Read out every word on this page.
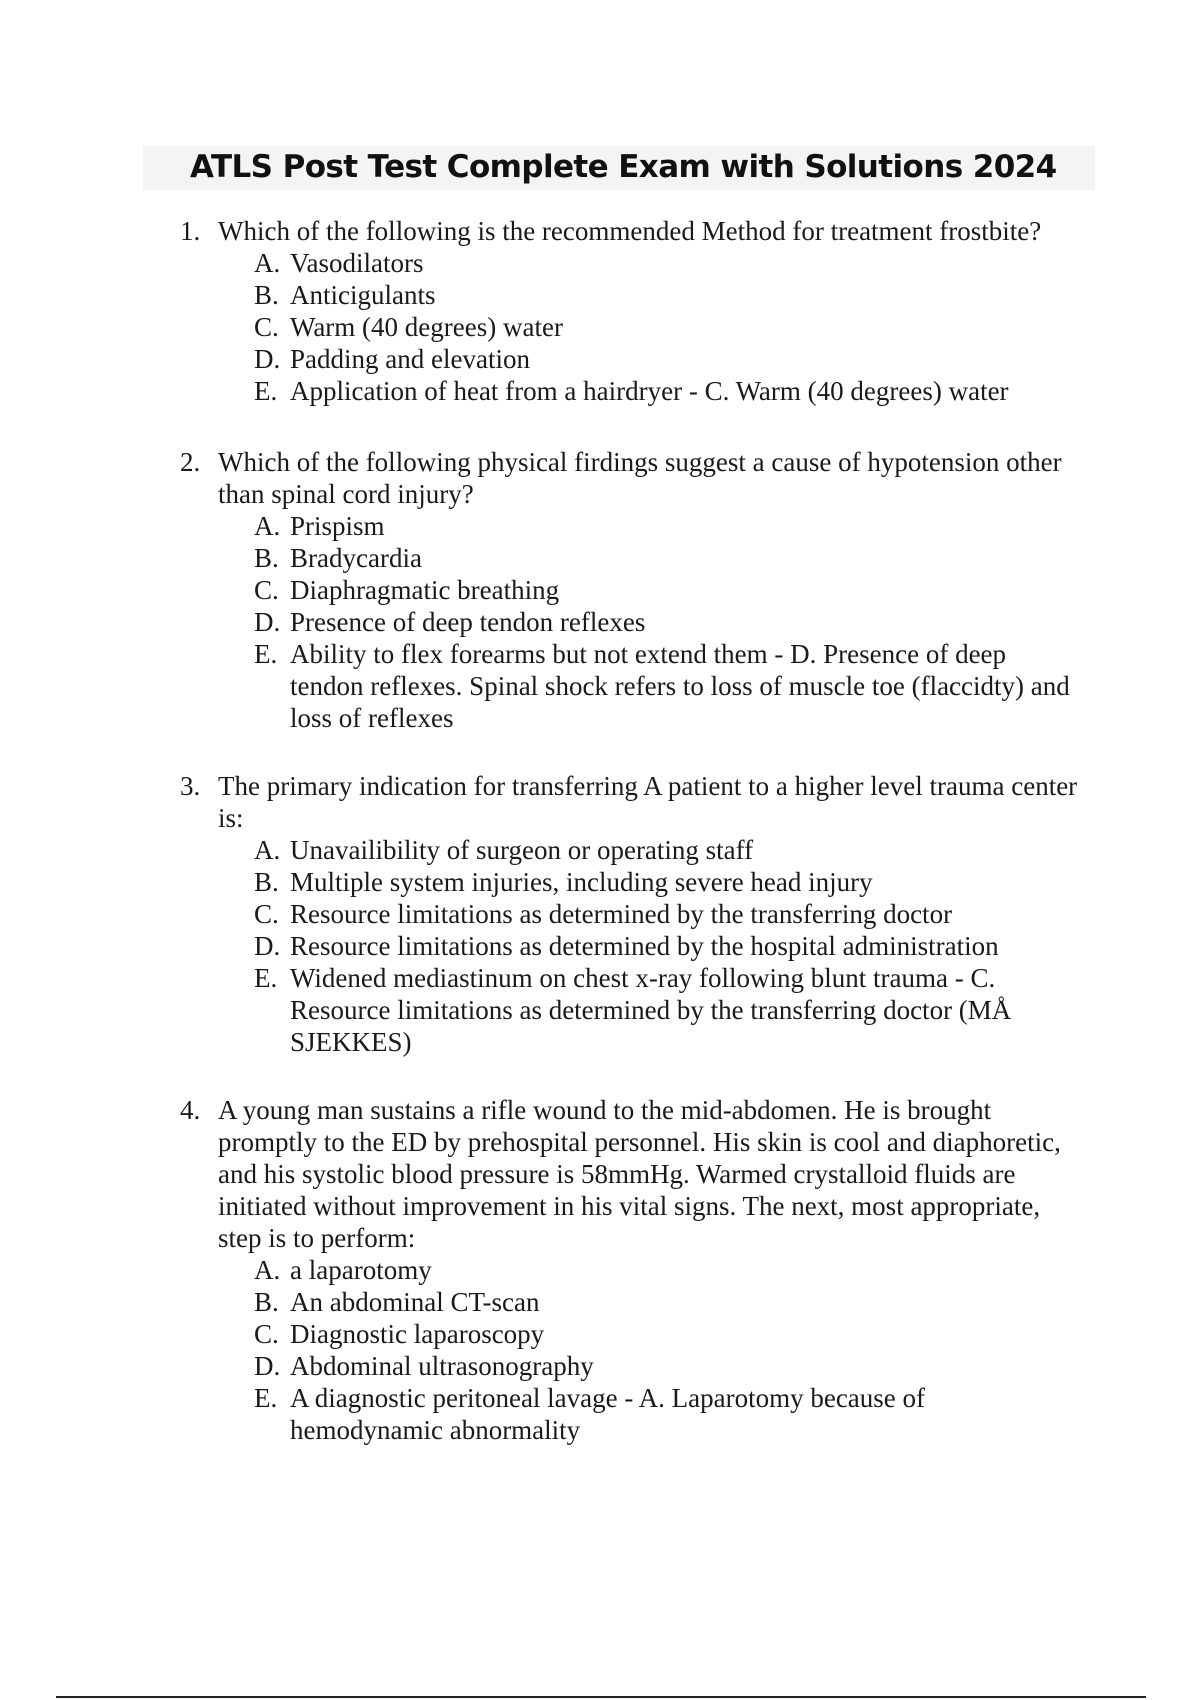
ATLS Post Test Complete Exam with Solutions 2024
1. Which of the following is the recommended Method for treatment frostbite?
A. Vasodilators
B. Anticigulants
C. Warm (40 degrees) water
D. Padding and elevation
E. Application of heat from a hairdryer - C. Warm (40 degrees) water
2. Which of the following physical firdings suggest a cause of hypotension other than spinal cord injury?
A. Prispism
B. Bradycardia
C. Diaphragmatic breathing
D. Presence of deep tendon reflexes
E. Ability to flex forearms but not extend them - D. Presence of deep tendon reflexes. Spinal shock refers to loss of muscle toe (flaccidty) and loss of reflexes
3. The primary indication for transferring A patient to a higher level trauma center is:
A. Unavailibility of surgeon or operating staff
B. Multiple system injuries, including severe head injury
C. Resource limitations as determined by the transferring doctor
D. Resource limitations as determined by the hospital administration
E. Widened mediastinum on chest x-ray following blunt trauma - C. Resource limitations as determined by the transferring doctor (MÅ SJEKKES)
4. A young man sustains a rifle wound to the mid-abdomen. He is brought promptly to the ED by prehospital personnel. His skin is cool and diaphoretic, and his systolic blood pressure is 58mmHg. Warmed crystalloid fluids are initiated without improvement in his vital signs. The next, most appropriate, step is to perform:
A. a laparotomy
B. An abdominal CT-scan
C. Diagnostic laparoscopy
D. Abdominal ultrasonography
E. A diagnostic peritoneal lavage - A. Laparotomy because of hemodynamic abnormality
